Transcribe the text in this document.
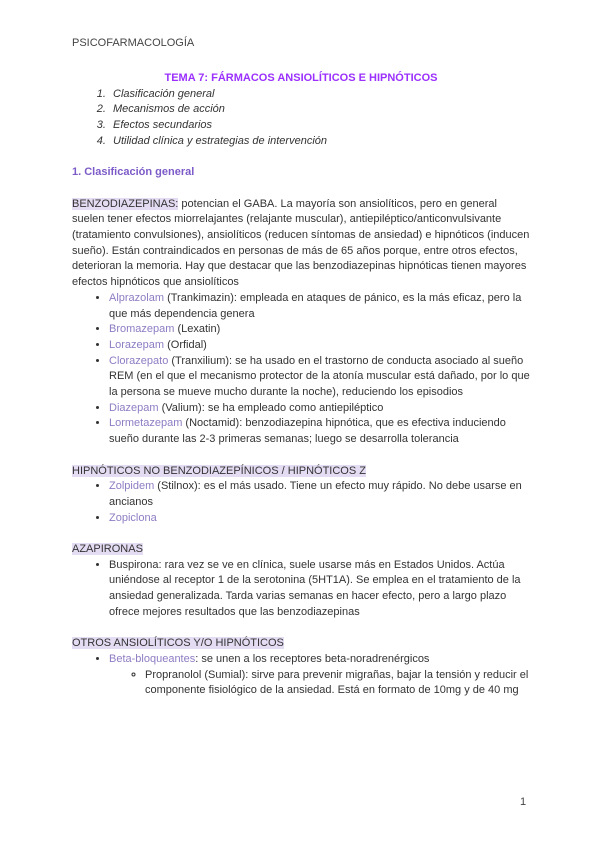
PSICOFARMACOLOGÍA
TEMA 7: FÁRMACOS ANSIOLÍTICOS E HIPNÓTICOS
1. Clasificación general
2. Mecanismos de acción
3. Efectos secundarios
4. Utilidad clínica y estrategias de intervención
1. Clasificación general

BENZODIAZEPINAS: potencian el GABA. La mayoría son ansiolíticos, pero en general suelen tener efectos miorrelajantes (relajante muscular), antiepiléptico/anticonvulsivante (tratamiento convulsiones), ansiolíticos (reducen síntomas de ansiedad) e hipnóticos (inducen sueño). Están contraindicados en personas de más de 65 años porque, entre otros efectos, deterioran la memoria. Hay que destacar que las benzodiazepinas hipnóticas tienen mayores efectos hipnóticos que ansiolíticos

• Alprazolam (Trankimazin): empleada en ataques de pánico, es la más eficaz, pero la que más dependencia genera
• Bromazepam (Lexatin)
• Lorazepam (Orfidal)
• Clorazepato (Tranxilium): se ha usado en el trastorno de conducta asociado al sueño REM (en el que el mecanismo protector de la atonía muscular está dañado, por lo que la persona se mueve mucho durante la noche), reduciendo los episodios
• Diazepam (Valium): se ha empleado como antiepiléptico
• Lormetazepam (Noctamid): benzodiazepina hipnótica, que es efectiva induciendo sueño durante las 2-3 primeras semanas; luego se desarrolla tolerancia
HIPNÓTICOS NO BENZODIAZEPÍNICOS / HIPNÓTICOS Z
• Zolpidem (Stilnox): es el más usado. Tiene un efecto muy rápido. No debe usarse en ancianos
• Zopiclona
AZAPIRONAS
• Buspirona: rara vez se ve en clínica, suele usarse más en Estados Unidos. Actúa uniéndose al receptor 1 de la serotonina (5HT1A). Se emplea en el tratamiento de la ansiedad generalizada. Tarda varias semanas en hacer efecto, pero a largo plazo ofrece mejores resultados que las benzodiazepinas
OTROS ANSIOLÍTICOS Y/O HIPNÓTICOS
• Beta-bloqueantes: se unen a los receptores beta-noradrenérgicos
◦ Propranolol (Sumial): sirve para prevenir migrañas, bajar la tensión y reducir el componente fisiológico de la ansiedad. Está en formato de 10mg y de 40 mg
1
